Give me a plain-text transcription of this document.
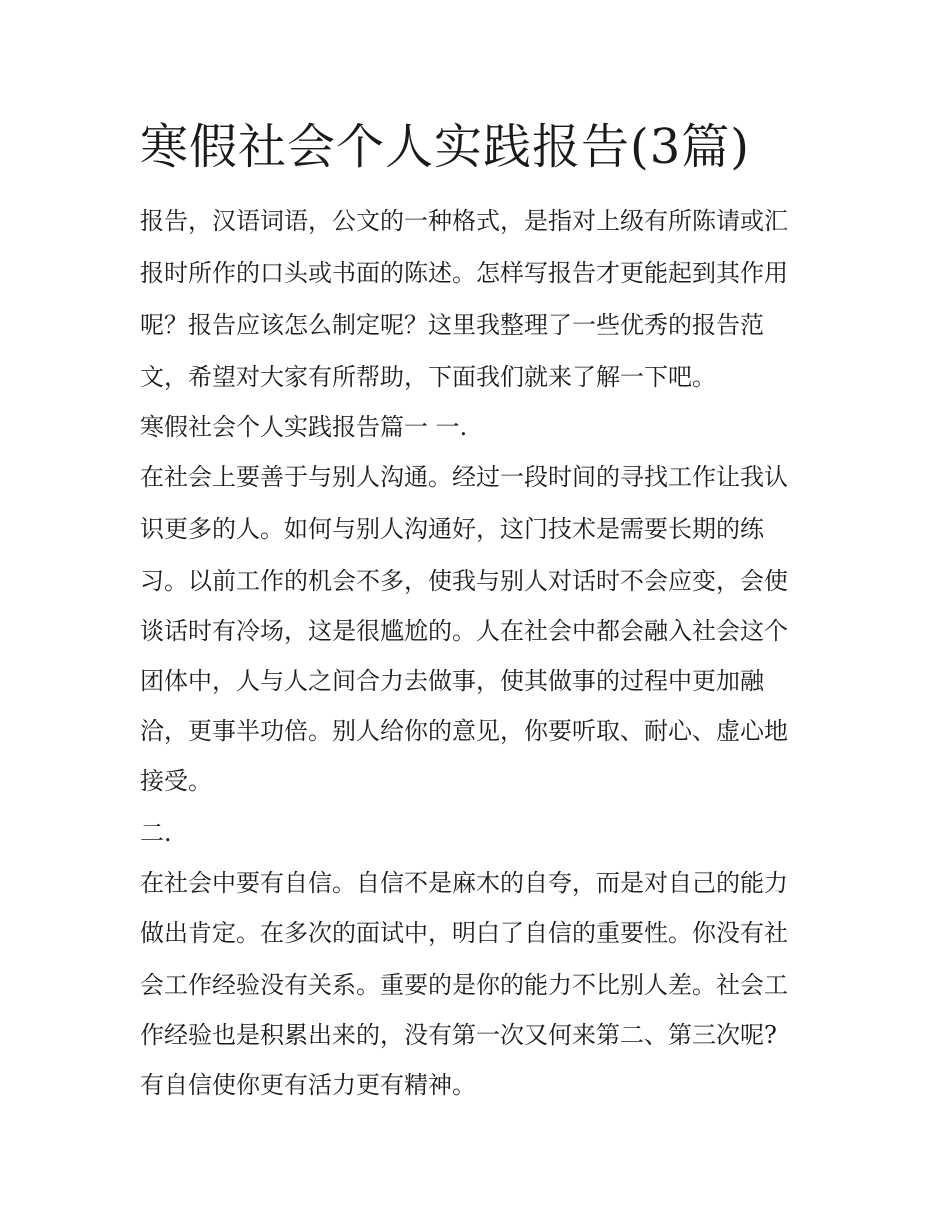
寒假社会个人实践报告(3篇)
报告，汉语词语，公文的一种格式，是指对上级有所陈请或汇
报时所作的口头或书面的陈述。怎样写报告才更能起到其作用
呢？报告应该怎么制定呢？这里我整理了一些优秀的报告范
文，希望对大家有所帮助，下面我们就来了解一下吧。
寒假社会个人实践报告篇一 一.
在社会上要善于与别人沟通。经过一段时间的寻找工作让我认
识更多的人。如何与别人沟通好，这门技术是需要长期的练
习。以前工作的机会不多，使我与别人对话时不会应变，会使
谈话时有冷场，这是很尴尬的。人在社会中都会融入社会这个
团体中，人与人之间合力去做事，使其做事的过程中更加融
洽，更事半功倍。别人给你的意见，你要听取、耐心、虚心地
接受。
二.
在社会中要有自信。自信不是麻木的自夸，而是对自己的能力
做出肯定。在多次的面试中，明白了自信的重要性。你没有社
会工作经验没有关系。重要的是你的能力不比别人差。社会工
作经验也是积累出来的，没有第一次又何来第二、第三次呢?
有自信使你更有活力更有精神。
